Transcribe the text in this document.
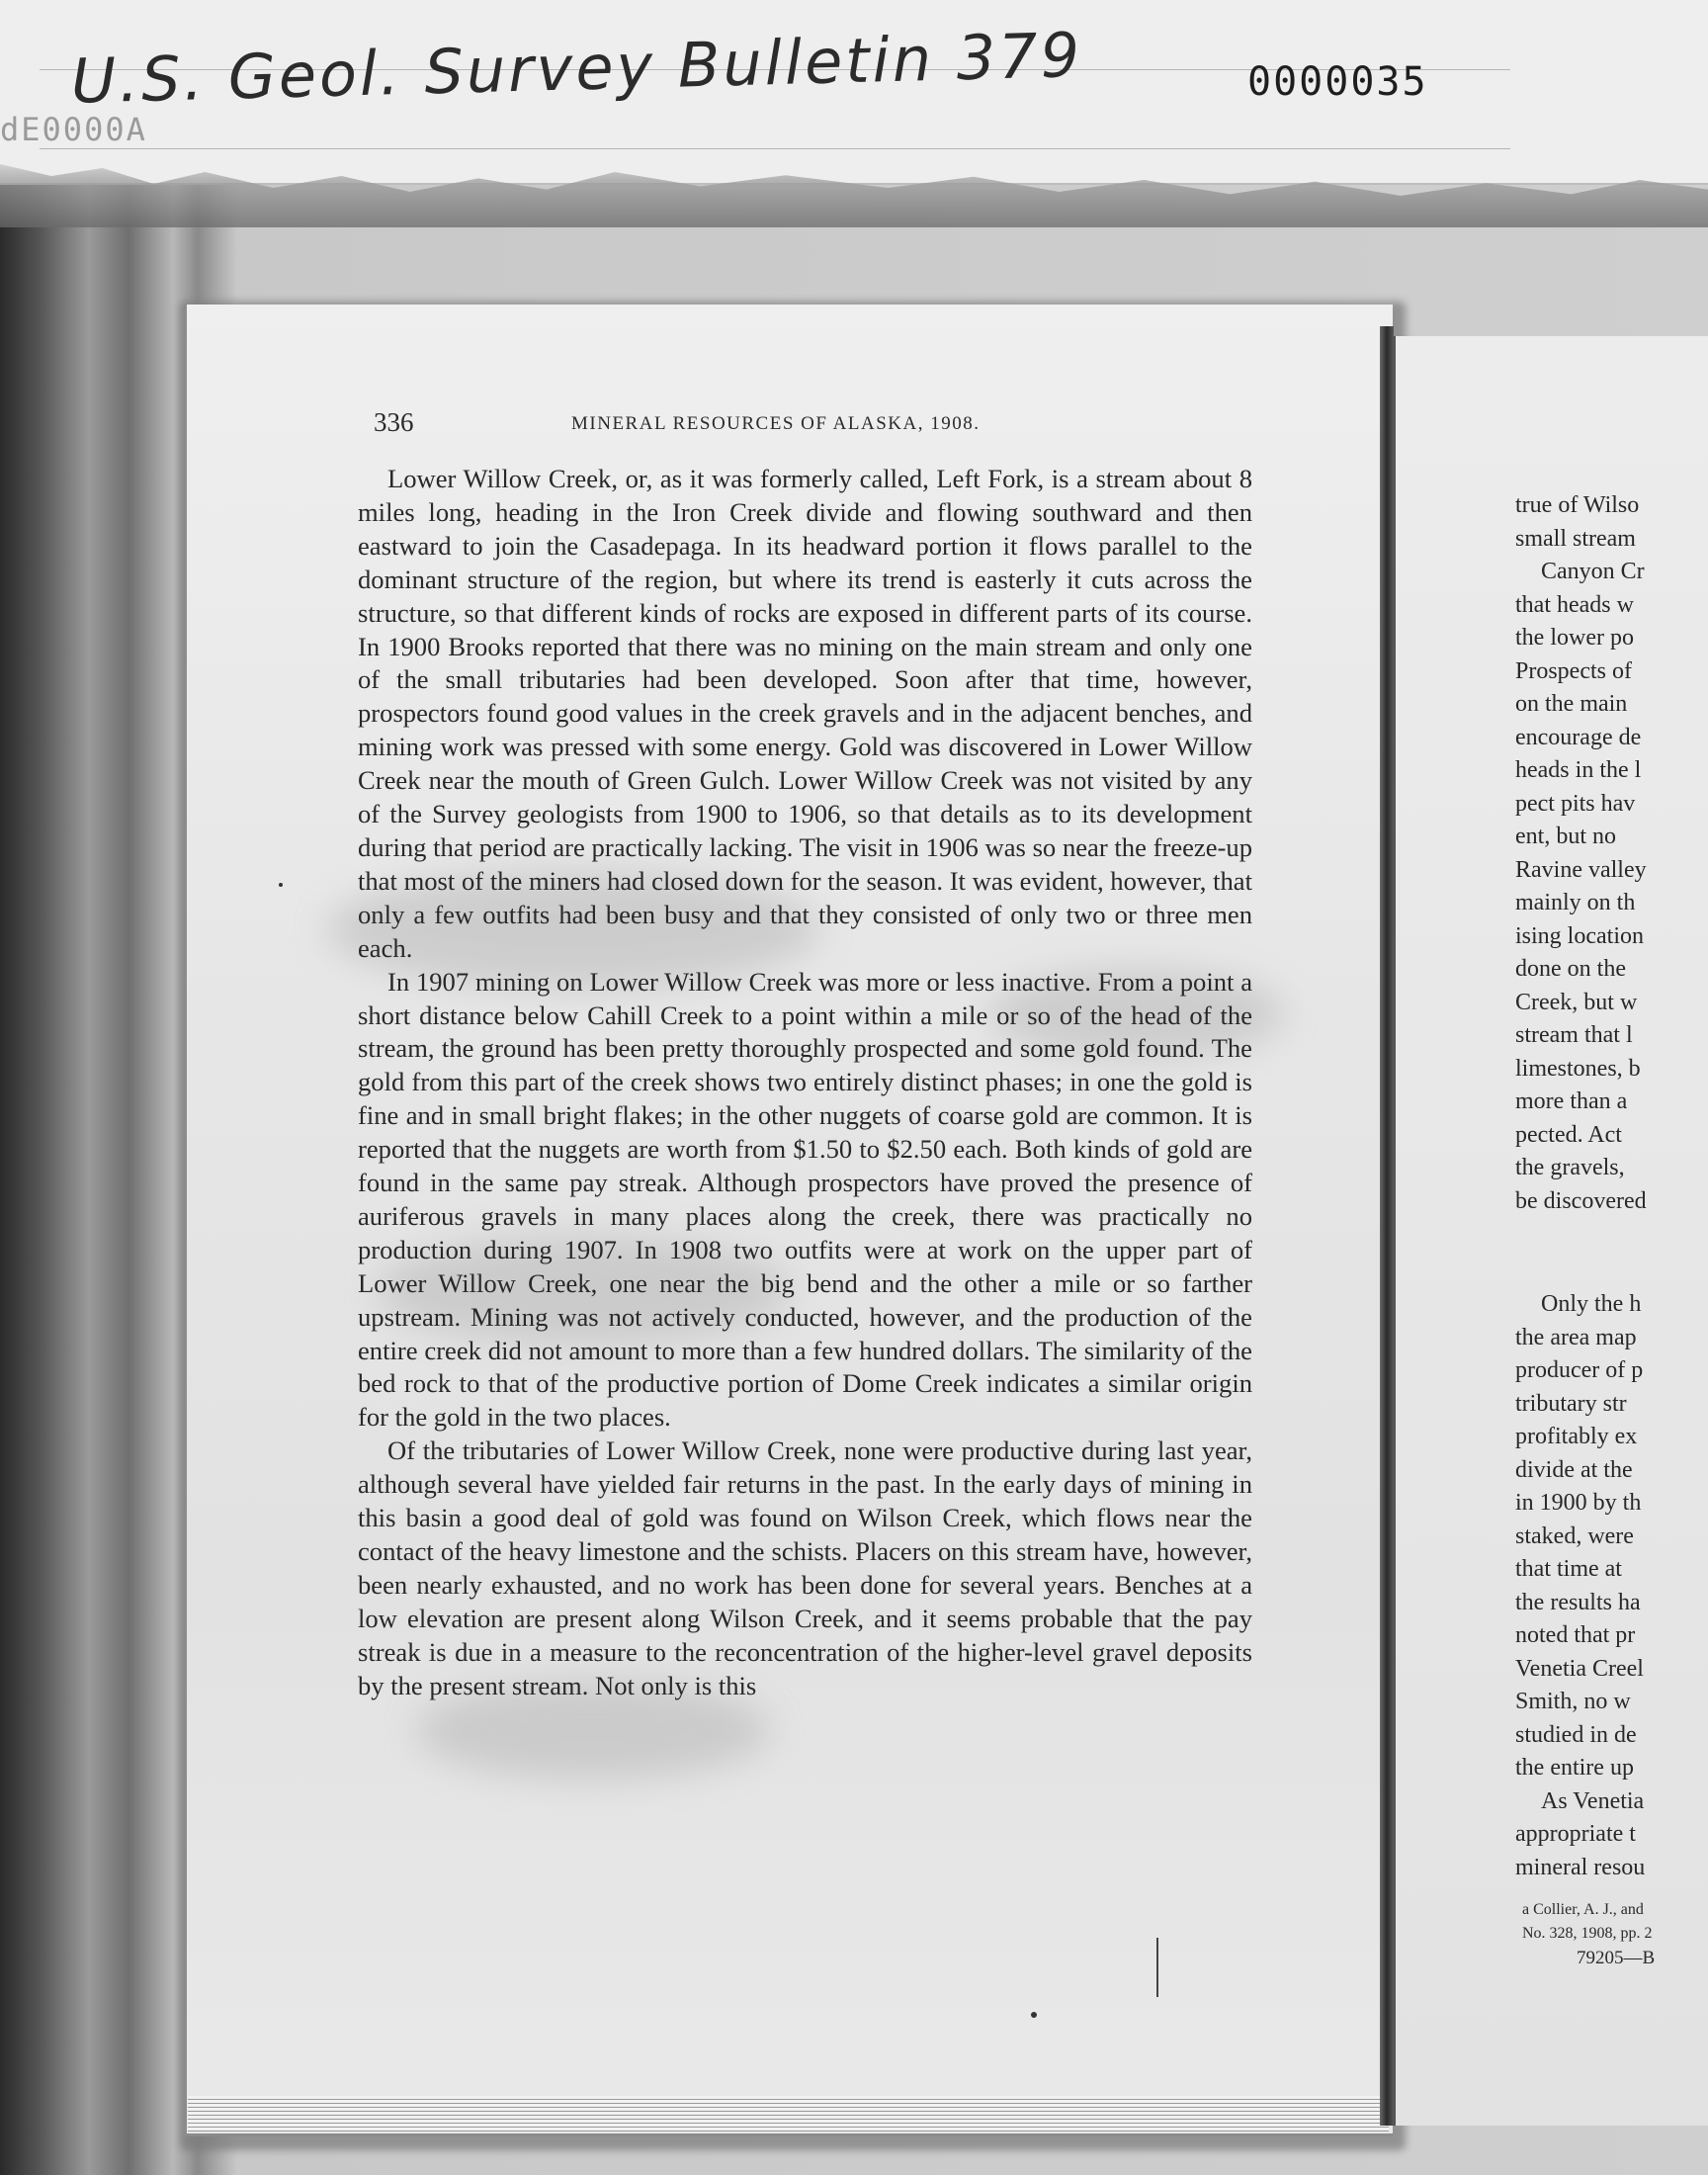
U.S. Geol. Survey Bulletin 379	0000035
dE0000A
336	MINERAL RESOURCES OF ALASKA, 1908.

Lower Willow Creek, or, as it was formerly called, Left Fork, is a stream about 8 miles long, heading in the Iron Creek divide and flowing southward and then eastward to join the Casadepaga. In its headward portion it flows parallel to the dominant structure of the region, but where its trend is easterly it cuts across the structure, so that different kinds of rocks are exposed in different parts of its course. In 1900 Brooks reported that there was no mining on the main stream and only one of the small tributaries had been developed. Soon after that time, however, prospectors found good values in the creek gravels and in the adjacent benches, and mining work was pressed with some energy. Gold was discovered in Lower Willow Creek near the mouth of Green Gulch. Lower Willow Creek was not visited by any of the Survey geologists from 1900 to 1906, so that details as to its development during that period are practically lacking. The visit in 1906 was so near the freeze-up that most of the miners had closed down for the season. It was evident, however, that only a few outfits had been busy and that they consisted of only two or three men each.

In 1907 mining on Lower Willow Creek was more or less inactive. From a point a short distance below Cahill Creek to a point within a mile or so of the head of the stream, the ground has been pretty thoroughly prospected and some gold found. The gold from this part of the creek shows two entirely distinct phases; in one the gold is fine and in small bright flakes; in the other nuggets of coarse gold are common. It is reported that the nuggets are worth from $1.50 to $2.50 each. Both kinds of gold are found in the same pay streak. Although prospectors have proved the presence of auriferous gravels in many places along the creek, there was practically no production during 1907. In 1908 two outfits were at work on the upper part of Lower Willow Creek, one near the big bend and the other a mile or so farther upstream. Mining was not actively conducted, however, and the production of the entire creek did not amount to more than a few hundred dollars. The similarity of the bed rock to that of the productive portion of Dome Creek indicates a similar origin for the gold in the two places.

Of the tributaries of Lower Willow Creek, none were productive during last year, although several have yielded fair returns in the past. In the early days of mining in this basin a good deal of gold was found on Wilson Creek, which flows near the contact of the heavy limestone and the schists. Placers on this stream have, however, been nearly exhausted, and no work has been done for several years. Benches at a low elevation are present along Wilson Creek, and it seems probable that the pay streak is due in a measure to the reconcentration of the higher-level gravel deposits by the present stream. Not only is this

true of Wilso
small stream
Canyon Cr
that heads w
the lower po
Prospects of
on the main
encourage de
heads in the l
pect pits hav
ent, but no
Ravine valley
mainly on th
ising location
done on the
Creek, but w
stream that l
limestones, b
more than a
pected. Act
the gravels,
be discovered
Only the h
the area map
producer of p
tributary str
profitably ex
divide at the
in 1900 by th
staked, were
that time at
the results ha
noted that pr
Venetia Creel
Smith, no w
studied in de
the entire up
As Venetia
appropriate t
mineral resou
a Collier, A. J., and
No. 328, 1908, pp. 2
79205—B
